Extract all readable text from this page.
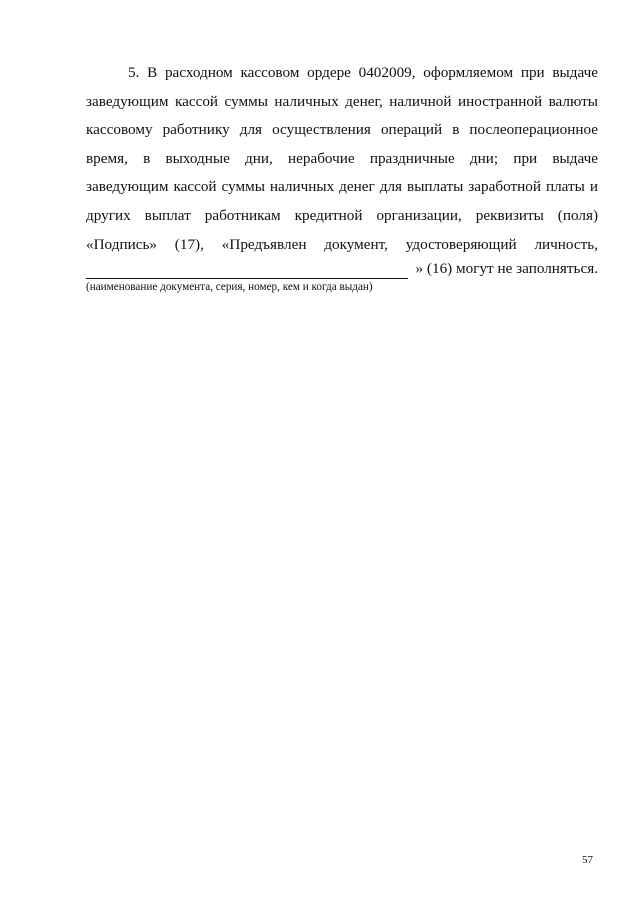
5. В расходном кассовом ордере 0402009, оформляемом при выдаче
заведующим кассой суммы наличных денег, наличной иностранной валюты
кассовому работнику для осуществления операций в послеоперационное
время, в выходные дни, нерабочие праздничные дни; при выдаче
заведующим кассой суммы наличных денег для выплаты заработной платы и
других выплат работникам кредитной организации, реквизиты (поля)
«Подпись» (17), «Предъявлен документ, удостоверяющий личность,
» (16) могут не заполняться.
(наименование документа, серия, номер, кем и когда выдан)
57
